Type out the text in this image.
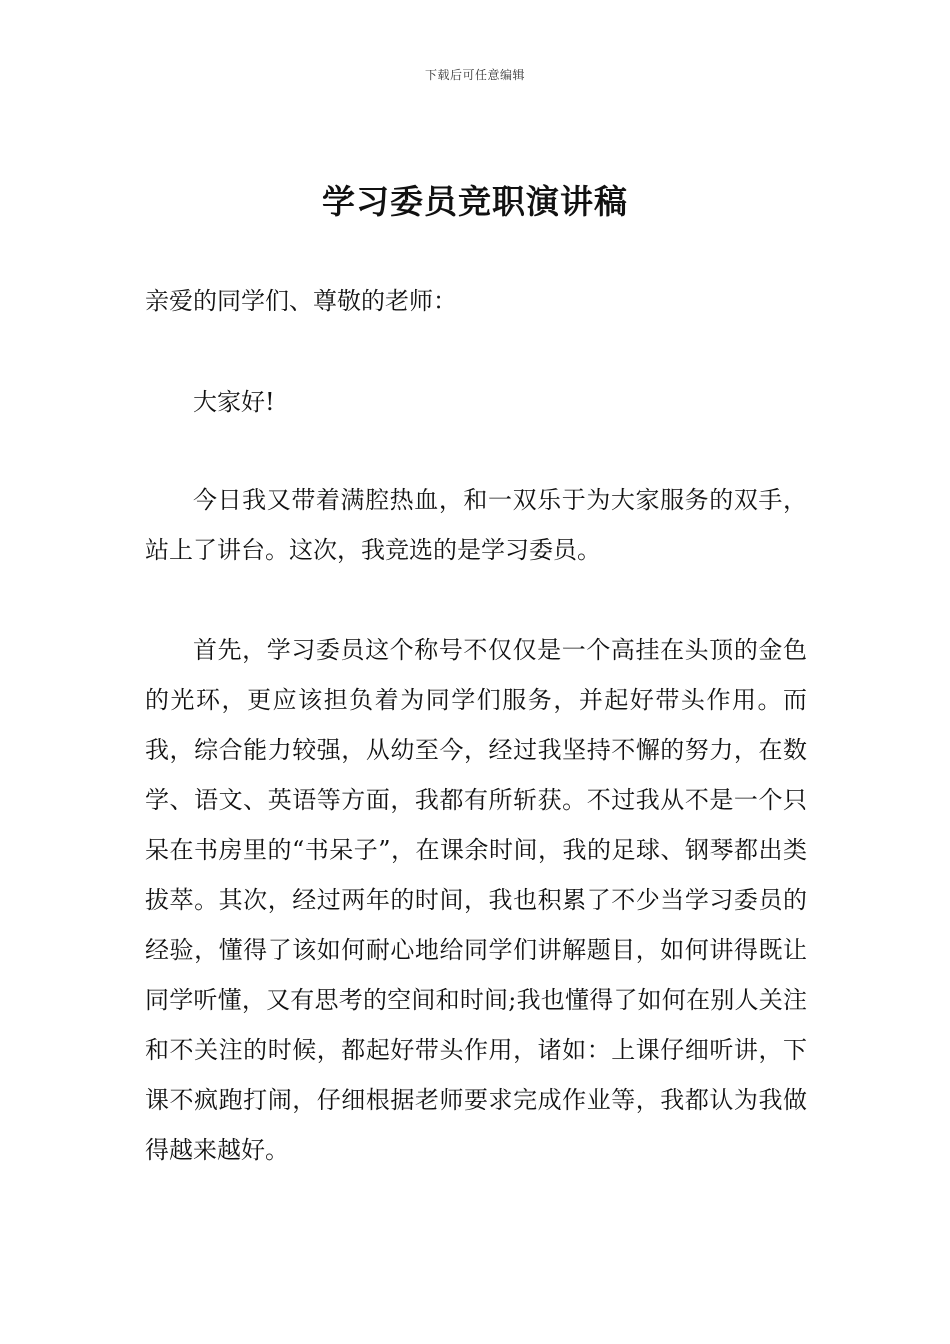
下载后可任意编辑
学习委员竞职演讲稿
亲爱的同学们、尊敬的老师：
大家好!
今日我又带着满腔热血，和一双乐于为大家服务的双手，站上了讲台。这次，我竞选的是学习委员。
首先，学习委员这个称号不仅仅是一个高挂在头顶的金色的光环，更应该担负着为同学们服务，并起好带头作用。而我，综合能力较强，从幼至今，经过我坚持不懈的努力，在数学、语文、英语等方面，我都有所斩获。不过我从不是一个只呆在书房里的“书呆子”，在课余时间，我的足球、钢琴都出类拔萃。其次，经过两年的时间，我也积累了不少当学习委员的经验，懂得了该如何耐心地给同学们讲解题目，如何讲得既让同学听懂，又有思考的空间和时间;我也懂得了如何在别人关注和不关注的时候，都起好带头作用，诸如：上课仔细听讲，下课不疯跑打闹，仔细根据老师要求完成作业等，我都认为我做得越来越好。
